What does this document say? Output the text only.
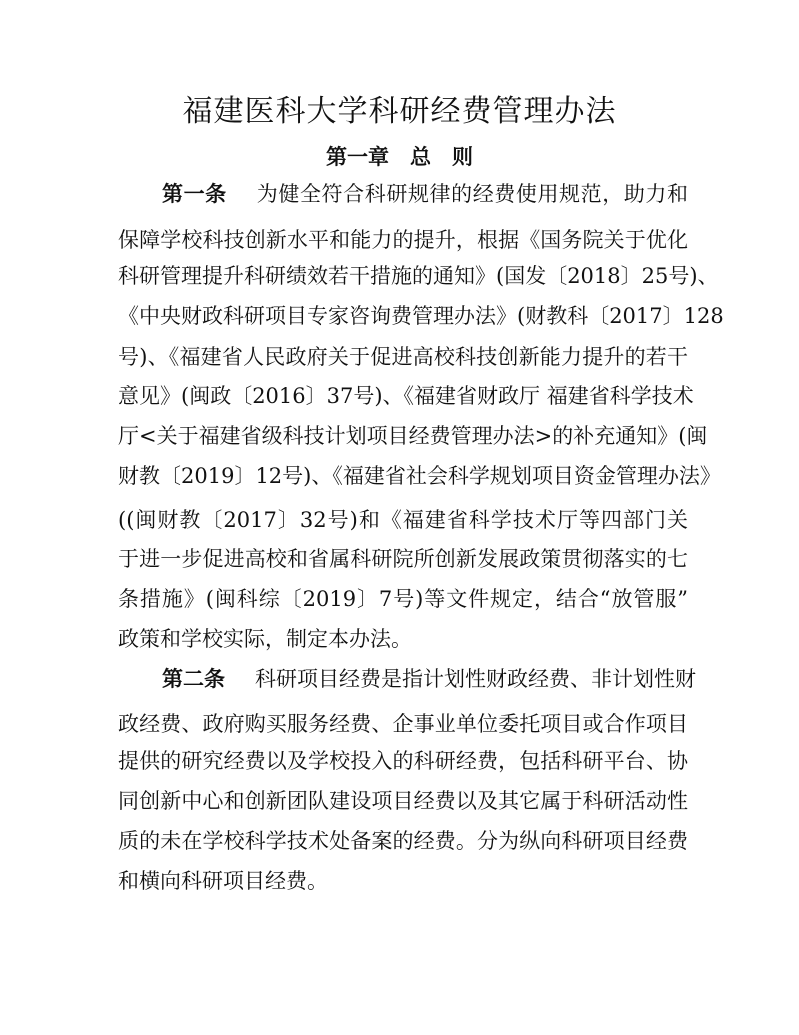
福建医科大学科研经费管理办法
第一章　总　则
第一条 为健全符合科研规律的经费使用规范，助力和
保障学校科技创新水平和能力的提升，根据《国务院关于优化
科研管理提升科研绩效若干措施的通知》(国发〔2018〕25号)、
《中央财政科研项目专家咨询费管理办法》(财教科〔2017〕128
号)、《福建省人民政府关于促进高校科技创新能力提升的若干
意见》(闽政〔2016〕37号)、《福建省财政厅 福建省科学技术
厅<关于福建省级科技计划项目经费管理办法>的补充通知》(闽
财教〔2019〕12号)、《福建省社会科学规划项目资金管理办法》
((闽财教〔2017〕32号)和《福建省科学技术厅等四部门关
于进一步促进高校和省属科研院所创新发展政策贯彻落实的七
条措施》(闽科综〔2019〕7号)等文件规定，结合“放管服”
政策和学校实际，制定本办法。
第二条 科研项目经费是指计划性财政经费、非计划性财
政经费、政府购买服务经费、企事业单位委托项目或合作项目
提供的研究经费以及学校投入的科研经费，包括科研平台、协
同创新中心和创新团队建设项目经费以及其它属于科研活动性
质的未在学校科学技术处备案的经费。分为纵向科研项目经费
和横向科研项目经费。
